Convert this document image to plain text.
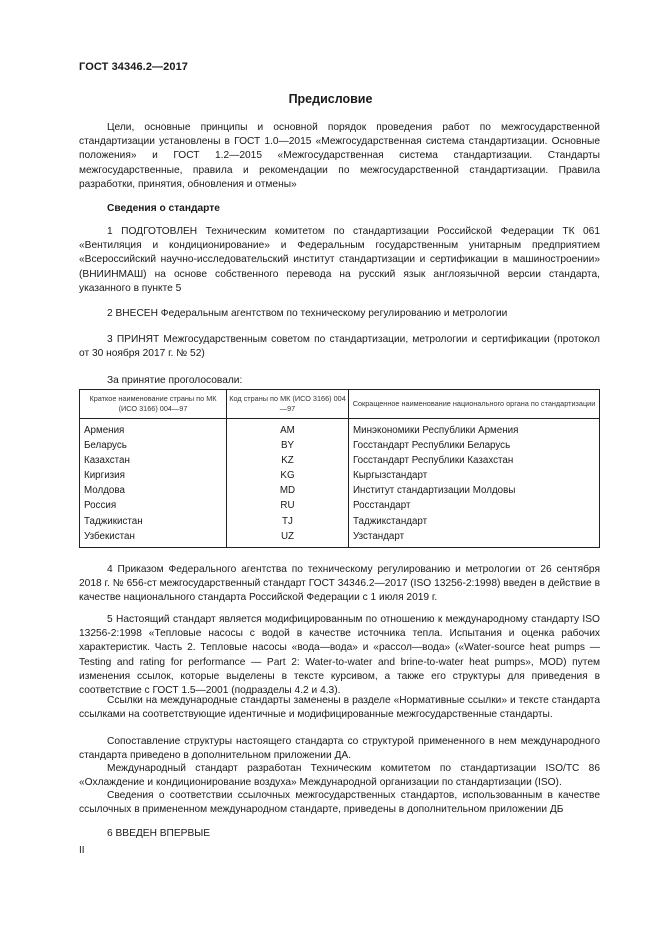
ГОСТ 34346.2—2017
Предисловие

Цели, основные принципы и основной порядок проведения работ по межгосударственной стандартизации установлены в ГОСТ 1.0—2015 «Межгосударственная система стандартизации. Основные положения» и ГОСТ 1.2—2015 «Межгосударственная система стандартизации. Стандарты межгосударственные, правила и рекомендации по межгосударственной стандартизации. Правила разработки, принятия, обновления и отмены»

Сведения о стандарте

1 ПОДГОТОВЛЕН Техническим комитетом по стандартизации Российской Федерации ТК 061 «Вентиляция и кондиционирование» и Федеральным государственным унитарным предприятием «Всероссийский научно-исследовательский институт стандартизации и сертификации в машиностроении» (ВНИИНМАШ) на основе собственного перевода на русский язык англоязычной версии стандарта, указанного в пункте 5

2 ВНЕСЕН Федеральным агентством по техническому регулированию и метрологии

3 ПРИНЯТ Межгосударственным советом по стандартизации, метрологии и сертификации (протокол от 30 ноября 2017 г. № 52)

За принятие проголосовали:

Краткое наименование страны по МК (ИСО 3166) 004—97	Код страны по МК (ИСО 3166) 004—97	Сокращенное наименование национального органа по стандартизации
Армения	AM	Минэкономики Республики Армения
Беларусь	BY	Госстандарт Республики Беларусь
Казахстан	KZ	Госстандарт Республики Казахстан
Киргизия	KG	Кыргызстандарт
Молдова	MD	Институт стандартизации Молдовы
Россия	RU	Росстандарт
Таджикистан	TJ	Таджикстандарт
Узбекистан	UZ	Узстандарт

4 Приказом Федерального агентства по техническому регулированию и метрологии от 26 сентября 2018 г. № 656-ст межгосударственный стандарт ГОСТ 34346.2—2017 (ISO 13256-2:1998) введен в действие в качестве национального стандарта Российской Федерации с 1 июля 2019 г.

5 Настоящий стандарт является модифицированным по отношению к международному стандарту ISO 13256-2:1998 «Тепловые насосы с водой в качестве источника тепла. Испытания и оценка рабочих характеристик. Часть 2. Тепловые насосы «вода—вода» и «рассол—вода» («Water-source heat pumps — Testing and rating for performance — Part 2: Water-to-water and brine-to-water heat pumps», MOD) путем изменения ссылок, которые выделены в тексте курсивом, а также его структуры для приведения в соответствие с ГОСТ 1.5—2001 (подразделы 4.2 и 4.3).

Ссылки на международные стандарты заменены в разделе «Нормативные ссылки» и тексте стандарта ссылками на соответствующие идентичные и модифицированные межгосударственные стандарты.

Сопоставление структуры настоящего стандарта со структурой примененного в нем международного стандарта приведено в дополнительном приложении ДА.

Международный стандарт разработан Техническим комитетом по стандартизации ISO/TC 86 «Охлаждение и кондиционирование воздуха» Международной организации по стандартизации (ISO).

Сведения о соответствии ссылочных межгосударственных стандартов, использованным в качестве ссылочных в примененном международном стандарте, приведены в дополнительном приложении ДБ

6 ВВЕДЕН ВПЕРВЫЕ

II
